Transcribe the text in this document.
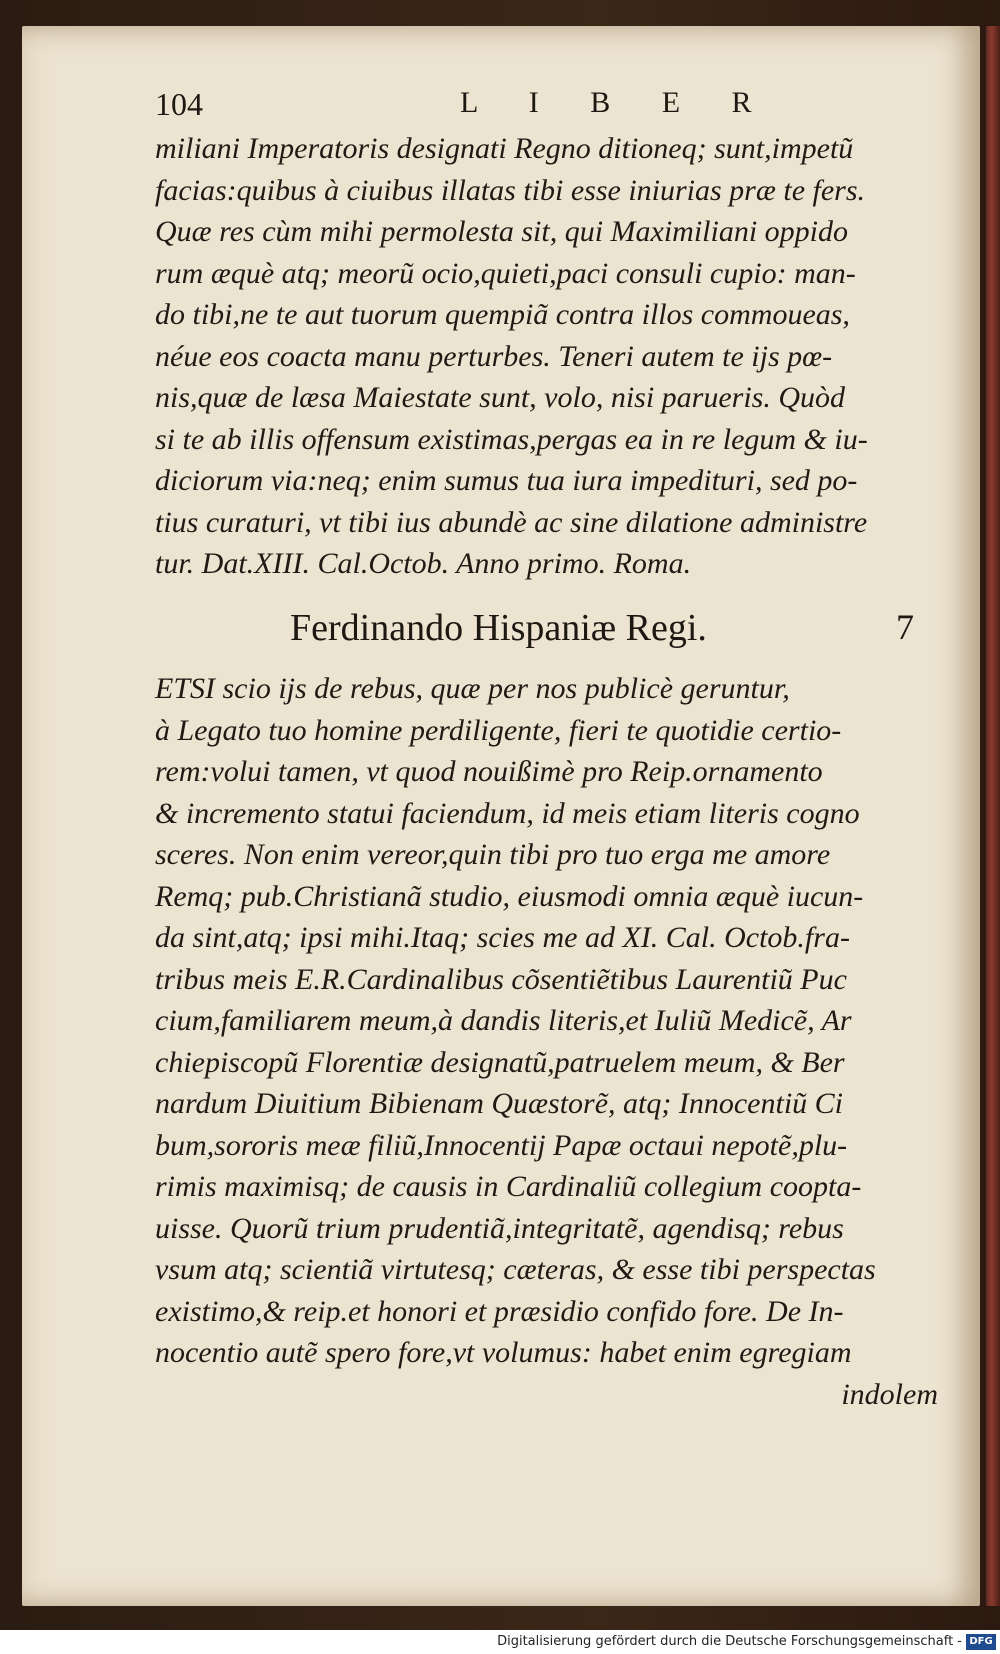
104	L I B E R
miliani Imperatoris designati Regno ditioneq; sunt,impetũ
facias:quibus à ciuibus illatas tibi esse iniurias præ te fers.
Quæ res cùm mihi permolesta sit, qui Maximiliani oppido
rum æquè atq; meorũ ocio,quieti,paci consuli cupio: man-
do tibi,ne te aut tuorum quempiã contra illos commoueas,
néue eos coacta manu perturbes. Teneri autem te ijs pœ-
nis,quæ de læsa Maiestate sunt, volo, nisi parueris. Quòd
si te ab illis offensum existimas,pergas ea in re legum & iu-
diciorum via:neq; enim sumus tua iura impedituri, sed po-
tius curaturi, vt tibi ius abundè ac sine dilatione administre
tur. Dat.XIII. Cal.Octob. Anno primo. Roma.
Ferdinando Hispaniæ Regi.	7
ETSI scio ijs de rebus, quæ per nos publicè geruntur,
à Legato tuo homine perdiligente, fieri te quotidie certio-
rem:volui tamen, vt quod nouißimè pro Reip.ornamento
& incremento statui faciendum, id meis etiam literis cogno
sceres. Non enim vereor,quin tibi pro tuo erga me amore
Remq; pub.Christianã studio, eiusmodi omnia æquè iucun-
da sint,atq; ipsi mihi.Itaq; scies me ad XI. Cal. Octob.fra-
tribus meis E.R.Cardinalibus cõsentiẽtibus Laurentiũ Puc
cium,familiarem meum,à dandis literis,et Iuliũ Medicẽ, Ar
chiepiscopũ Florentiæ designatũ,patruelem meum, & Ber
nardum Diuitium Bibienam Quæstorẽ, atq; Innocentiũ Ci
bum,sororis meæ filiũ,Innocentij Papæ octaui nepotẽ,plu-
rimis maximisq; de causis in Cardinaliũ collegium coopta-
uisse. Quorũ trium prudentiã,integritatẽ, agendisq; rebus
vsum atq; scientiã virtutesq; cæteras, & esse tibi perspectas
existimo,& reip.et honori et præsidio confido fore. De In-
nocentio autẽ spero fore,vt volumus: habet enim egregiam
indolem
Digitalisierung gefördert durch die Deutsche Forschungsgemeinschaft - DFG
